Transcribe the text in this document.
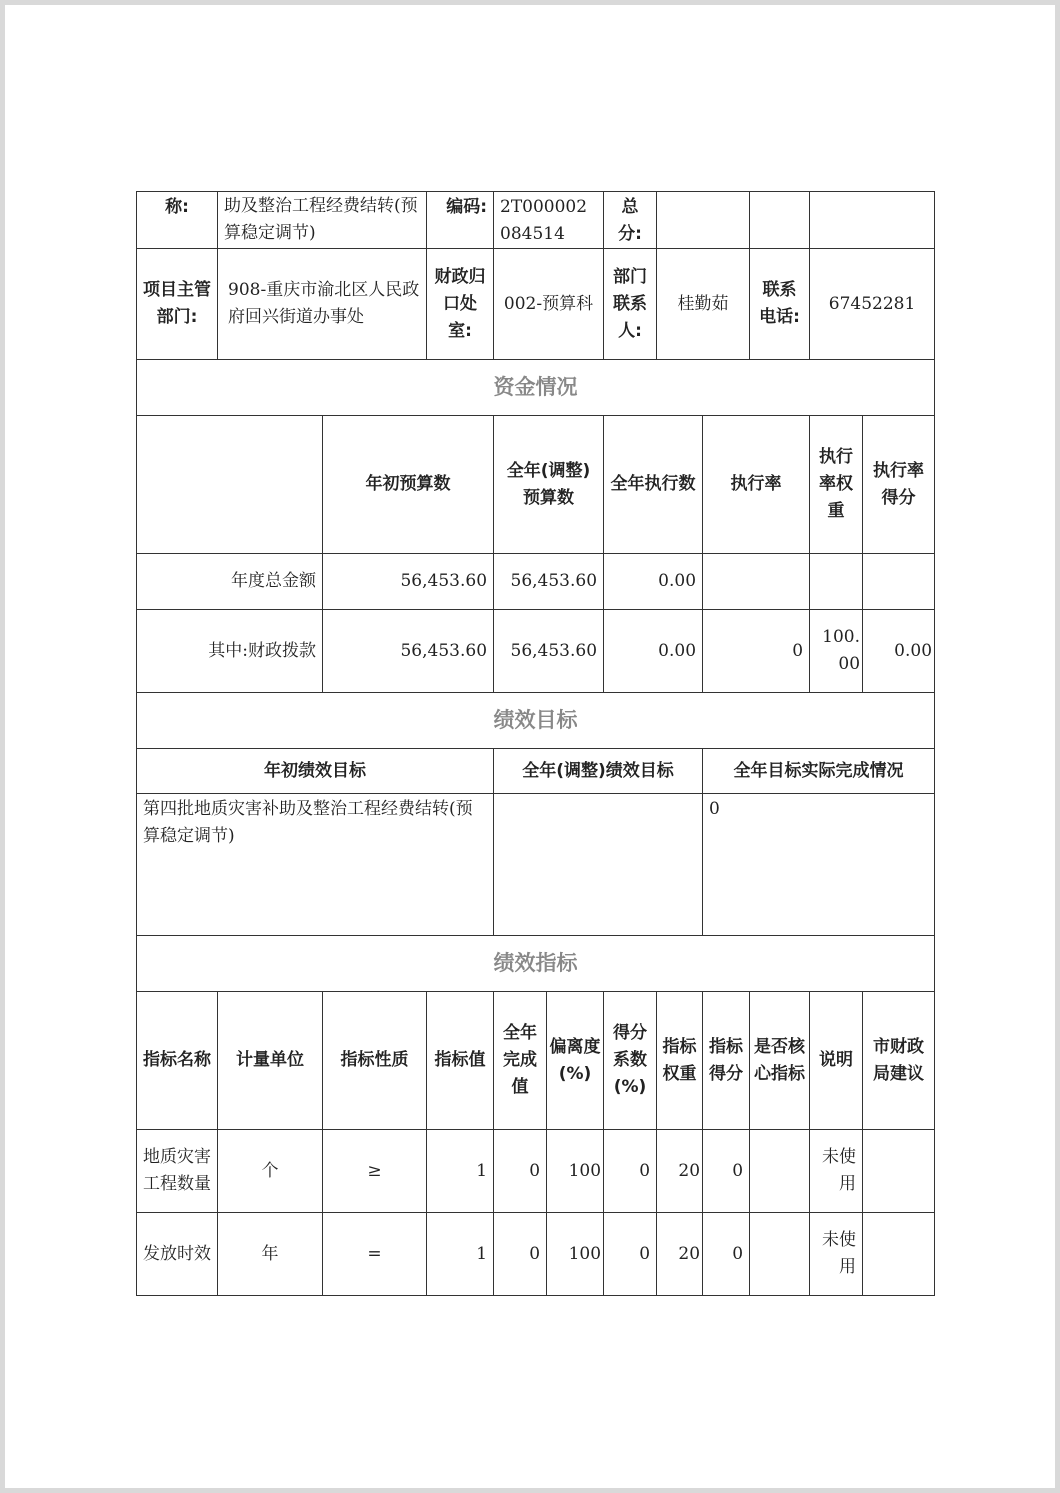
称:	助及整治工程经费结转(预算稳定调节)		编码:	2T000002084514		总分:					
项目主管部门:	908-重庆市渝北区人民政府回兴街道办事处		财政归口处室:	002-预算科		部门联系人:	桂勤茹		联系电话:	67452281	
资金情况											
		年初预算数		全年(调整)预算数		全年执行数		执行率		执行率权重	执行率得分
年度总金额		56,453.60		56,453.60		0.00					
其中:财政拨款		56,453.60		56,453.60		0.00		0		100.00	0.00
绩效目标											
年初绩效目标				全年(调整)绩效目标				全年目标实际完成情况			
第四批地质灾害补助及整治工程经费结转(预算稳定调节)								0			
绩效指标											
指标名称	计量单位	指标性质	指标值	全年完成值	偏离度(%)	得分系数(%)	指标权重	指标得分	是否核心指标	说明	市财政局建议
地质灾害工程数量	个	≥	1	0	100	0	20	0		未使用	
发放时效	年	=	1	0	100	0	20	0		未使用	
